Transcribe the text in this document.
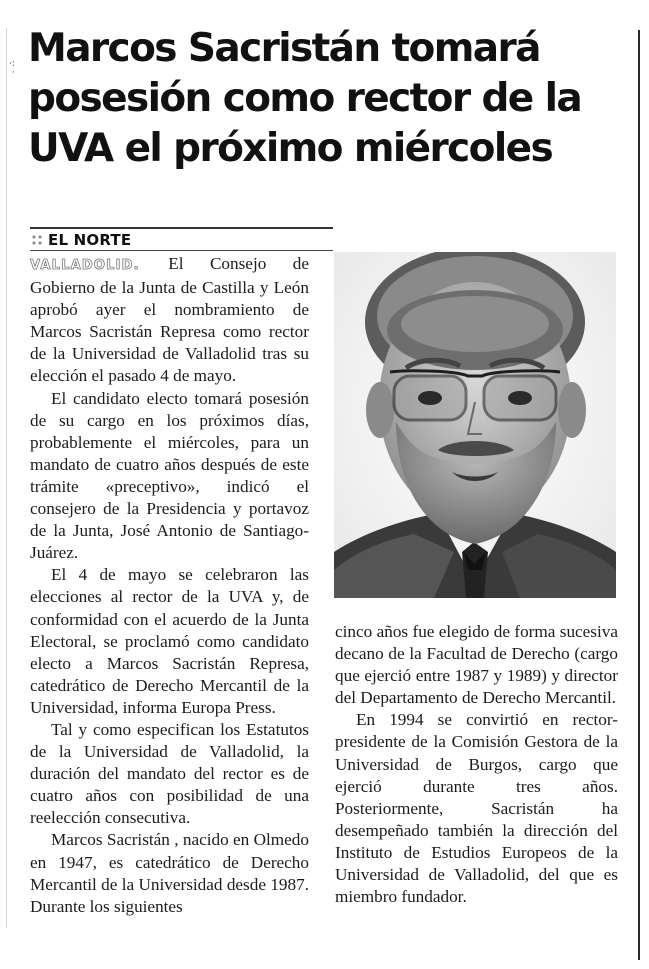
·:
·
Marcos Sacristán tomará posesión como rector de la UVA el próximo miércoles
EL NORTE

VALLADOLID. El Consejo de Gobierno de la Junta de Castilla y León aprobó ayer el nombramiento de Marcos Sacristán Represa como rector de la Universidad de Valladolid tras su elección el pasado 4 de mayo.

El candidato electo tomará posesión de su cargo en los próximos días, probablemente el miércoles, para un mandato de cuatro años después de este trámite «preceptivo», indicó el consejero de la Presidencia y portavoz de la Junta, José Antonio de Santiago-Juárez.

El 4 de mayo se celebraron las elecciones al rector de la UVA y, de conformidad con el acuerdo de la Junta Electoral, se proclamó como candidato electo a Marcos Sacristán Represa, catedrático de Derecho Mercantil de la Universidad, informa Europa Press.

Tal y como especifican los Estatutos de la Universidad de Valladolid, la duración del mandato del rector es de cuatro años con posibilidad de una reelección consecutiva.

Marcos Sacristán , nacido en Olmedo en 1947, es catedrático de Derecho Mercantil de la Universidad desde 1987. Durante los siguientes

cinco años fue elegido de forma sucesiva decano de la Facultad de Derecho (cargo que ejerció entre 1987 y 1989) y director del Departamento de Derecho Mercantil.

En 1994 se convirtió en rector-presidente de la Comisión Gestora de la Universidad de Burgos, cargo que ejerció durante tres años. Posteriormente, Sacristán ha desempeñado también la dirección del Instituto de Estudios Europeos de la Universidad de Valladolid, del que es miembro fundador.
